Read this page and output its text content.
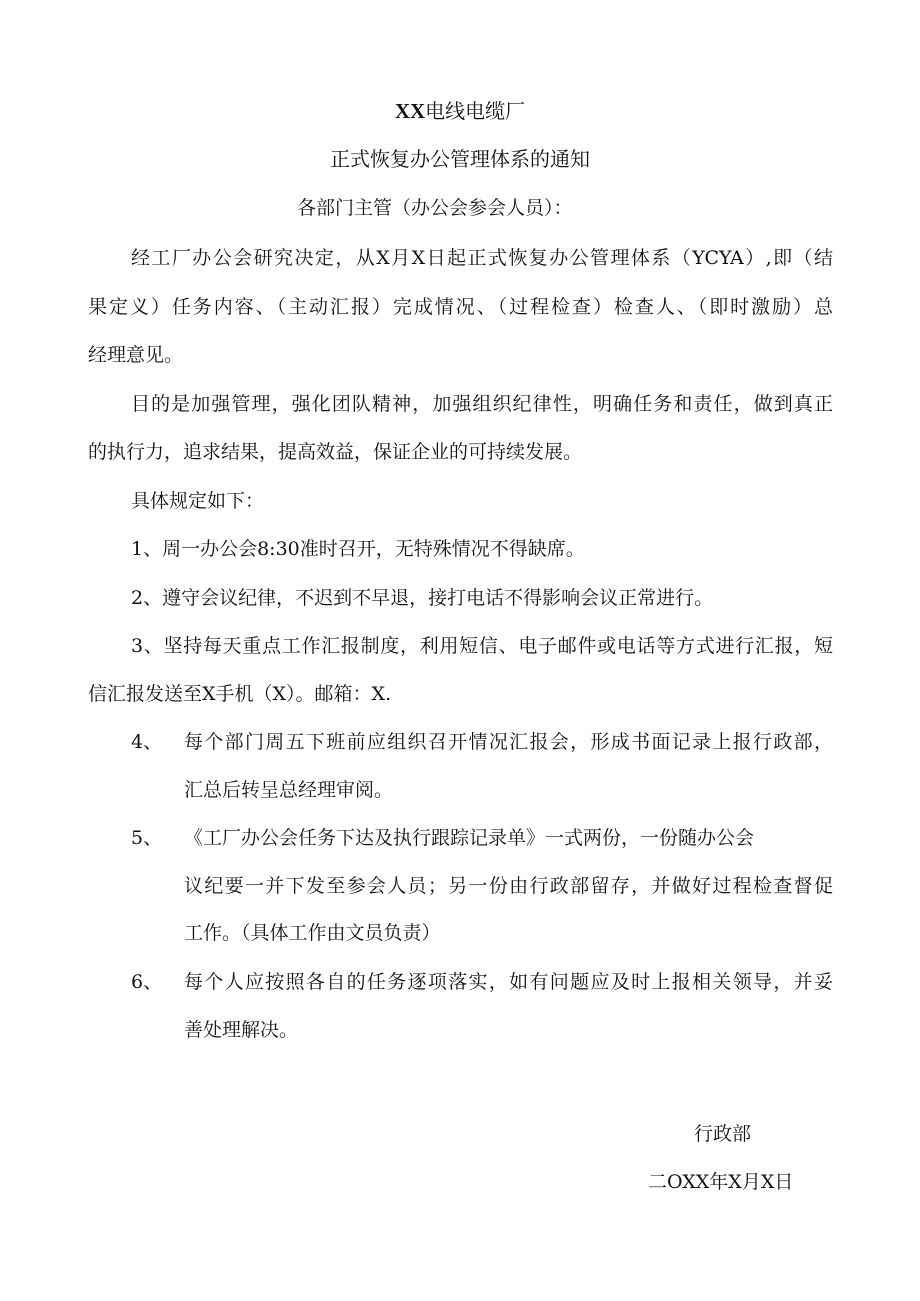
XX电线电缆厂
正式恢复办公管理体系的通知
各部门主管（办公会参会人员）：
经工厂办公会研究决定，从X月X日起正式恢复办公管理体系（YCYA）,即（结
果定义）任务内容、（主动汇报）完成情况、（过程检查）检查人、（即时激励）总
经理意见。
目的是加强管理，强化团队精神，加强组织纪律性，明确任务和责任，做到真正
的执行力，追求结果，提高效益，保证企业的可持续发展。
具体规定如下：
1、周一办公会8:30准时召开，无特殊情况不得缺席。
2、遵守会议纪律，不迟到不早退，接打电话不得影响会议正常进行。
3、坚持每天重点工作汇报制度，利用短信、电子邮件或电话等方式进行汇报，短
信汇报发送至X手机（X）。邮箱：X.
4、 每个部门周五下班前应组织召开情况汇报会，形成书面记录上报行政部，
汇总后转呈总经理审阅。
5、 《工厂办公会任务下达及执行跟踪记录单》一式两份，一份随办公会
议纪要一并下发至参会人员；另一份由行政部留存，并做好过程检查督促
工作。（具体工作由文员负责）
6、 每个人应按照各自的任务逐项落实，如有问题应及时上报相关领导，并妥
善处理解决。
行政部
二OXX年X月X日
